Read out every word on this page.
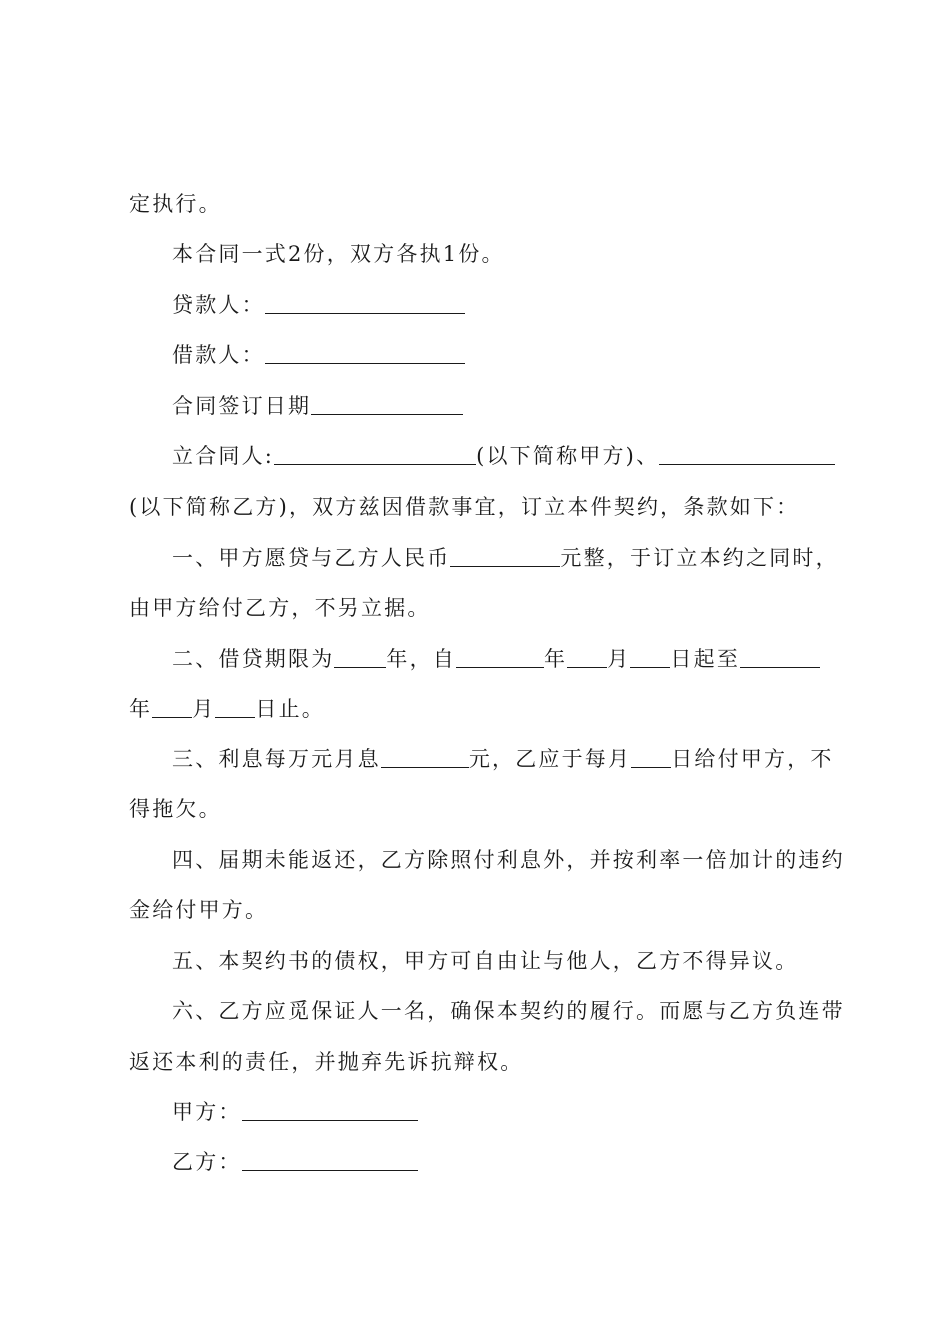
定执行。
本合同一式2份，双方各执1份。
贷款人：
借款人：
合同签订日期
立合同人:	(以下简称甲方)、
(以下简称乙方)，双方兹因借款事宜，订立本件契约，条款如下：
一、甲方愿贷与乙方人民币	元整，于订立本约之同时，
由甲方给付乙方，不另立据。
二、借贷期限为 年，自	年 月 日起至
年 月 日止。
三、利息每万元月息	元，乙应于每月 日给付甲方，不
得拖欠。
四、届期未能返还，乙方除照付利息外，并按利率一倍加计的违约
金给付甲方。
五、本契约书的债权，甲方可自由让与他人，乙方不得异议。
六、乙方应觅保证人一名，确保本契约的履行。而愿与乙方负连带
返还本利的责任，并抛弃先诉抗辩权。
甲方：
乙方：
